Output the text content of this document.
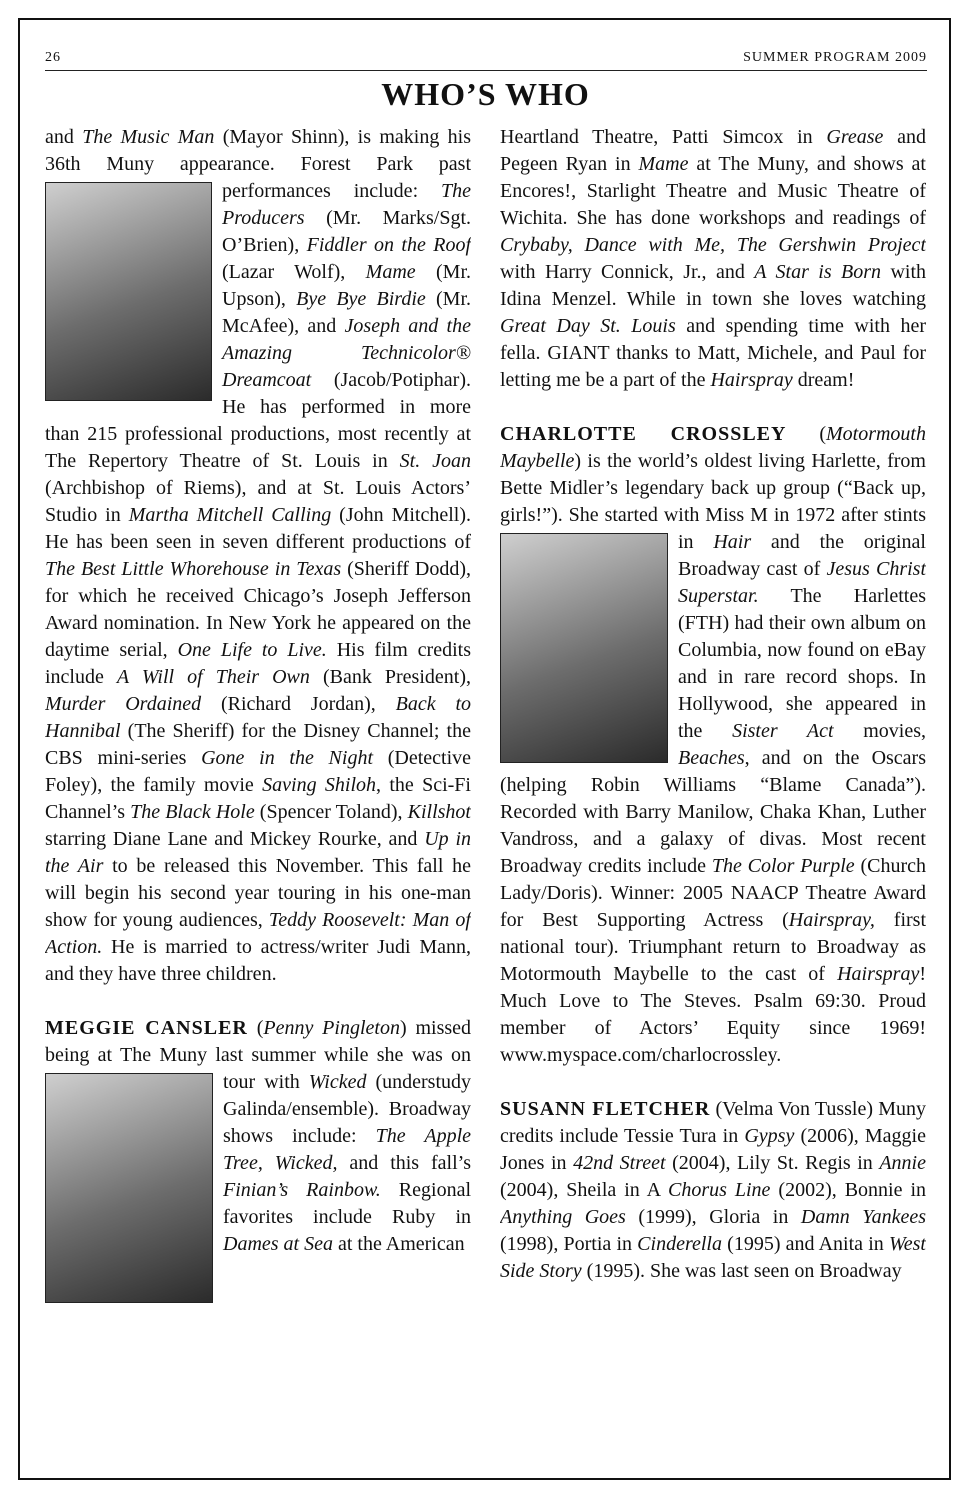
26	SUMMER PROGRAM 2009
WHO’S WHO

and The Music Man (Mayor Shinn), is making his 36th Muny appearance. Forest Park past performances include:
The Producers (Mr. Marks/Sgt. O’Brien), Fiddler on the Roof (Lazar Wolf), Mame (Mr. Upson), Bye Bye Birdie (Mr. McAfee), and Joseph and the Amazing Technicolor® Dreamcoat (Jacob/Potiphar). He has performed in more than 215 professional productions, most recently at The Repertory Theatre of St. Louis in St. Joan (Archbishop of Riems), and at St. Louis Actors’ Studio in Martha Mitchell Calling (John Mitchell). He has been seen in seven different productions of The Best Little Whorehouse in Texas (Sheriff Dodd), for which he received Chicago’s Joseph Jefferson Award nomination. In New York he appeared on the daytime serial, One Life to Live. His film credits include A Will of Their Own (Bank President), Murder Ordained (Richard Jordan), Back to Hannibal (The Sheriff) for the Disney Channel; the CBS mini-series Gone in the Night (Detective Foley), the family movie Saving Shiloh, the Sci-Fi Channel’s The Black Hole (Spencer Toland), Killshot starring Diane Lane and Mickey Rourke, and Up in the Air to be released this November. This fall he will begin his second year touring in his one-man show for young audiences, Teddy Roosevelt: Man of Action. He is married to actress/writer Judi Mann, and they have three children.

MEGGIE CANSLER (Penny Pingleton) missed being at The Muny last summer while she was on tour with
Wicked (understudy Galinda/ensemble). Broadway shows include: The Apple Tree, Wicked, and this fall’s Finian’s Rainbow. Regional favorites include Ruby in Dames at Sea at the American

Heartland Theatre, Patti Simcox in Grease and Pegeen Ryan in Mame at The Muny, and shows at Encores!, Starlight Theatre and Music Theatre of Wichita. She has done workshops and readings of Crybaby, Dance with Me, The Gershwin Project with Harry Connick, Jr., and A Star is Born with Idina Menzel. While in town she loves watching Great Day St. Louis and spending time with her fella. GIANT thanks to Matt, Michele, and Paul for letting me be a part of the Hairspray dream!

CHARLOTTE CROSSLEY (Motormouth Maybelle) is the world’s oldest living Harlette, from Bette Midler’s legendary back up group (“Back up, girls!”). She started with Miss M in 1972 after stints in
Hair and the original Broadway cast of Jesus Christ Superstar. The Harlettes (FTH) had their own album on Columbia, now found on eBay and in rare record shops. In Hollywood, she appeared in the Sister Act movies, Beaches, and on the Oscars (helping Robin Williams “Blame Canada”). Recorded with Barry Manilow, Chaka Khan, Luther Vandross, and a galaxy of divas. Most recent Broadway credits include The Color Purple (Church Lady/Doris). Winner: 2005 NAACP Theatre Award for Best Supporting Actress (Hairspray, first national tour). Triumphant return to Broadway as Motormouth Maybelle to the cast of Hairspray! Much Love to The Steves. Psalm 69:30. Proud member of Actors’ Equity since 1969! www.myspace.com/charlocrossley.

SUSANN FLETCHER (Velma Von Tussle) Muny credits include Tessie Tura in Gypsy (2006), Maggie Jones in 42nd Street (2004), Lily St. Regis in Annie (2004), Sheila in A Chorus Line (2002), Bonnie in Anything Goes (1999), Gloria in Damn Yankees (1998), Portia in Cinderella (1995) and Anita in West Side Story (1995). She was last seen on Broadway
